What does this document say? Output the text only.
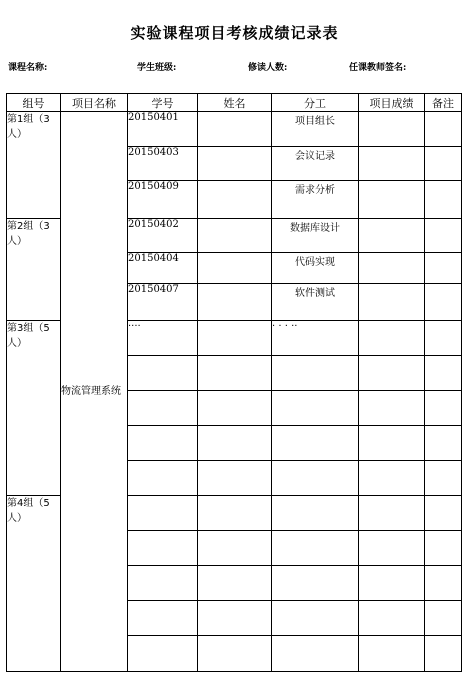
实验课程项目考核成绩记录表
课程名称:	学生班级:	修读人数:	任课教师签名:
组号	项目名称	学号	姓名	分工	项目成绩	备注
第1组（3人）	物流管理系统	20150401		项目组长		
		20150403		会议记录		
		20150409		需求分析		
第2组（3人）		20150402		数据库设计		
		20150404		代码实现		
		20150407		软件测试		
第3组（5人）		····		· · · ··		

第4组（5人）						
